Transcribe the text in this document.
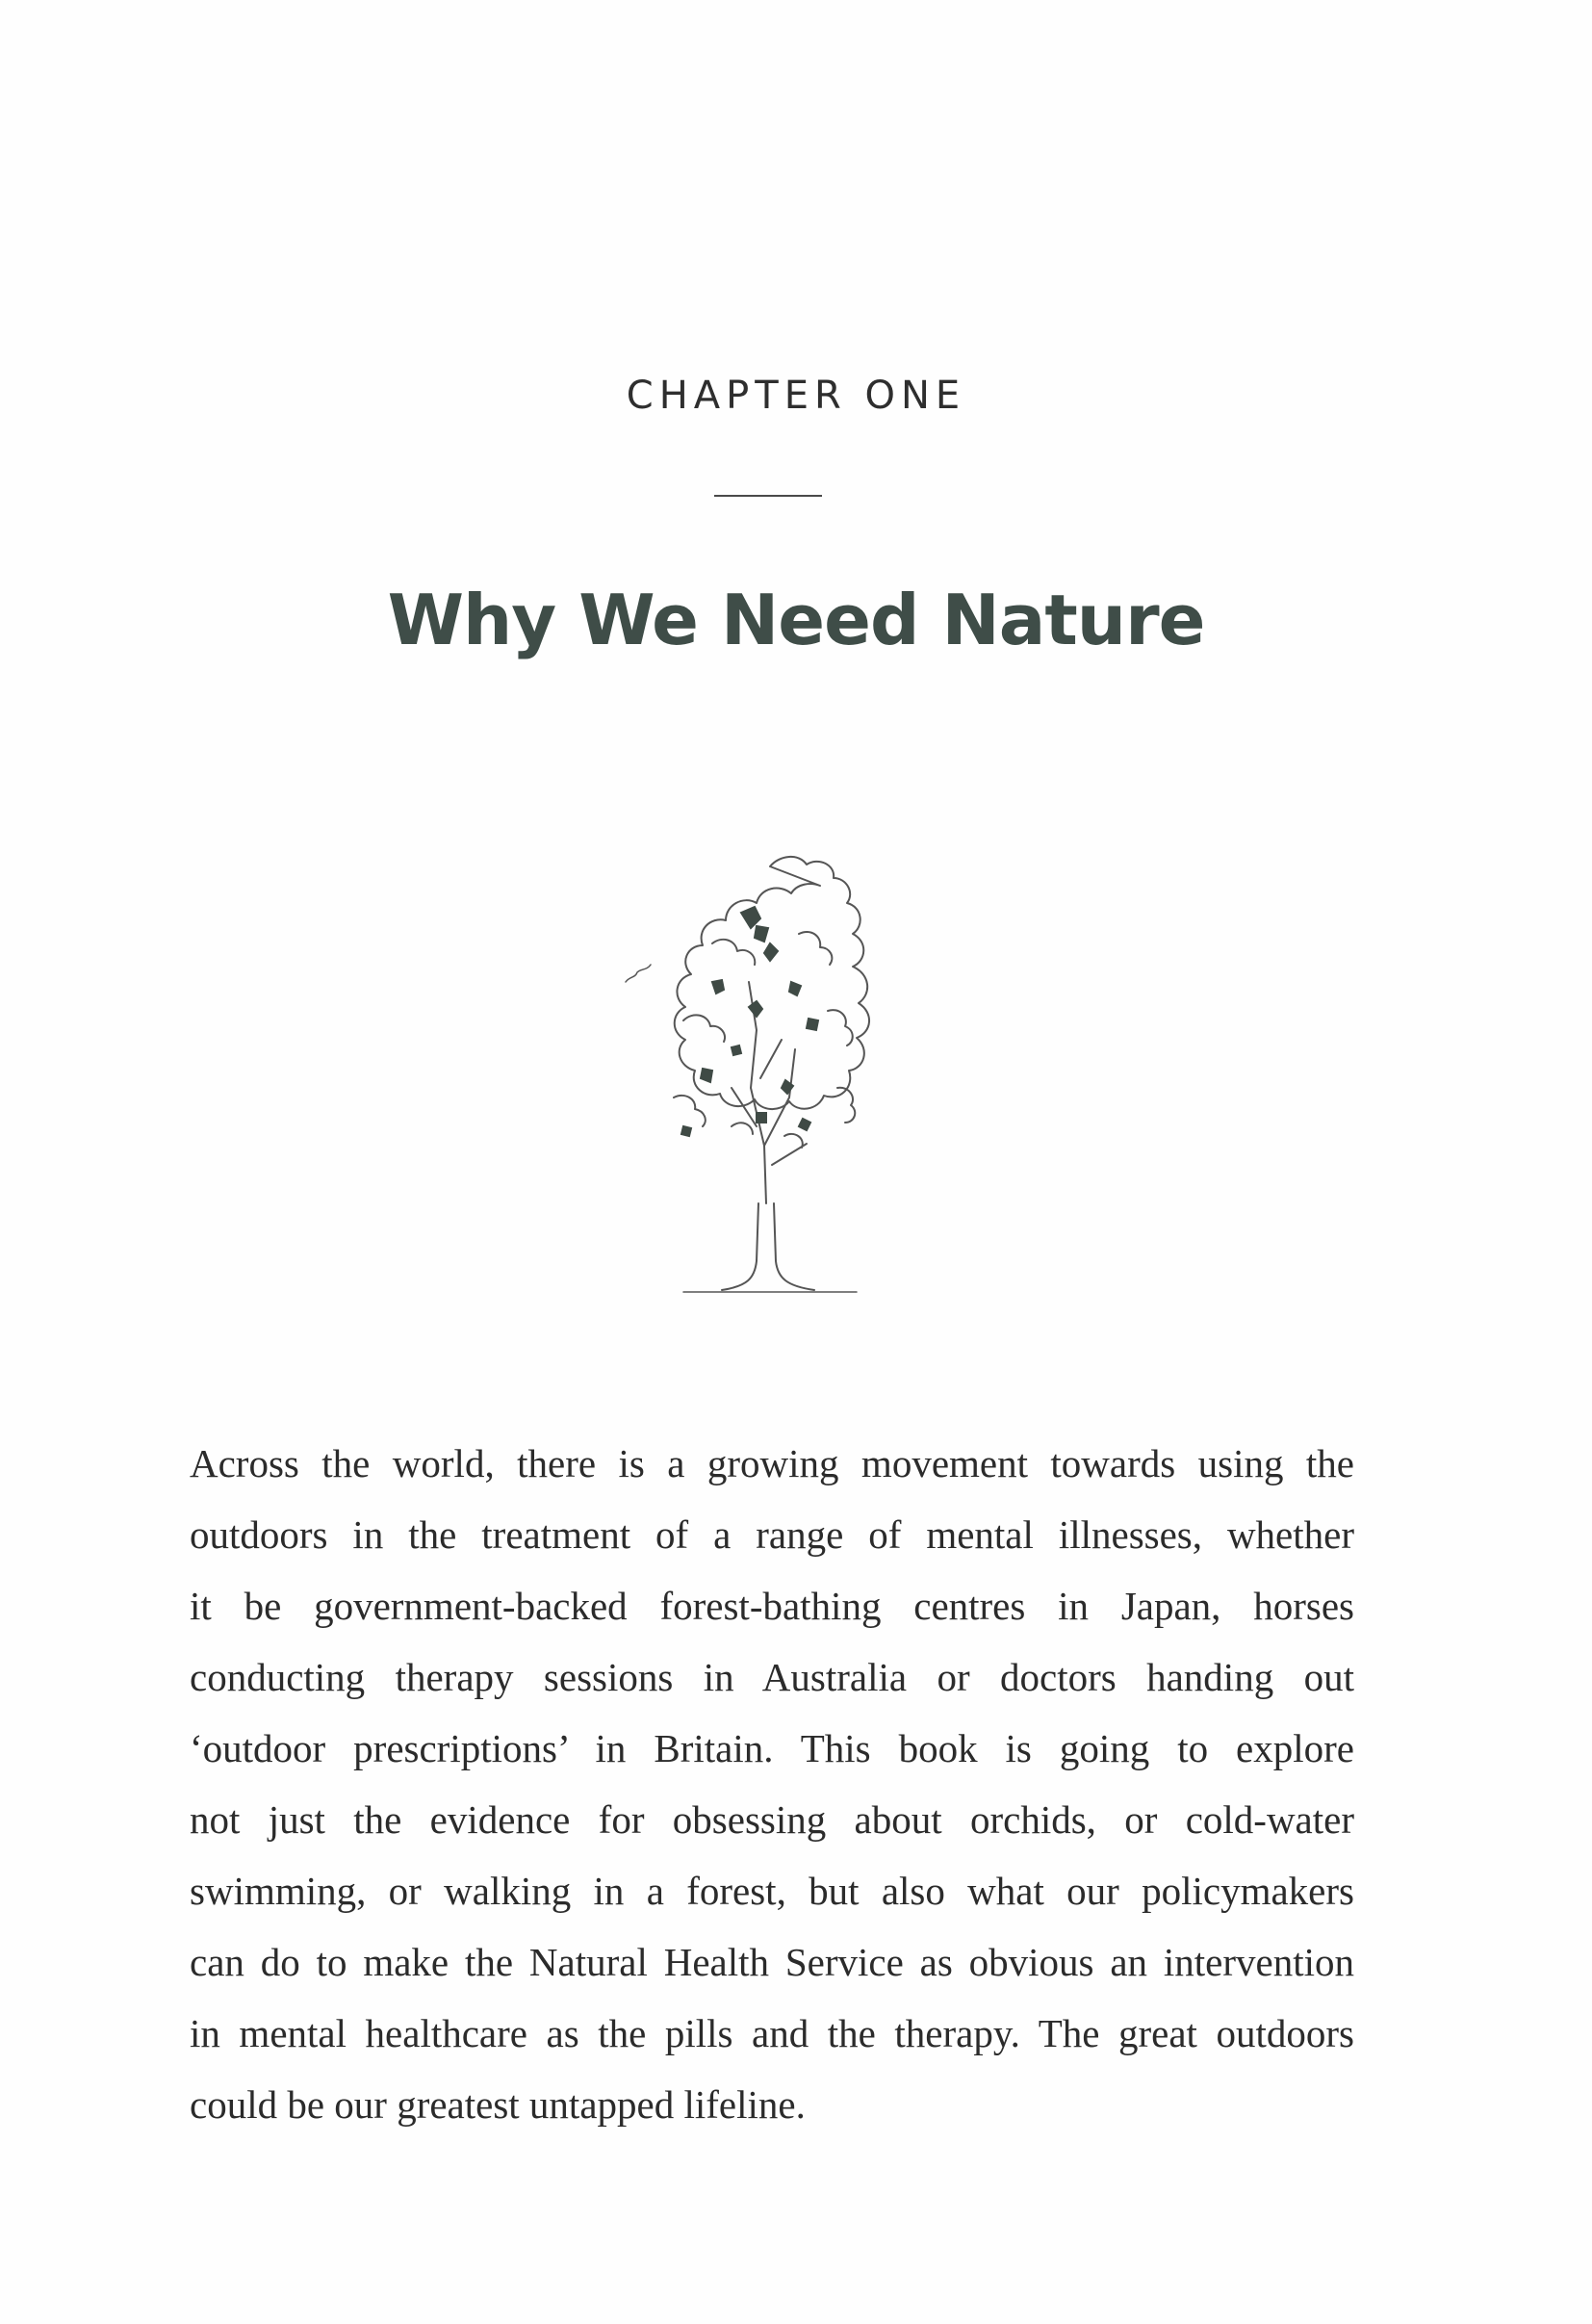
CHAPTER ONE
Why We Need Nature
Across the world, there is a growing movement towards using the
outdoors in the treatment of a range of mental illnesses, whether
it be government-backed forest-bathing centres in Japan, horses
conducting therapy sessions in Australia or doctors handing out
‘outdoor prescriptions’ in Britain. This book is going to explore
not just the evidence for obsessing about orchids, or cold-water
swimming, or walking in a forest, but also what our policymakers
can do to make the Natural Health Service as obvious an intervention
in mental healthcare as the pills and the therapy. The great outdoors
could be our greatest untapped lifeline.
